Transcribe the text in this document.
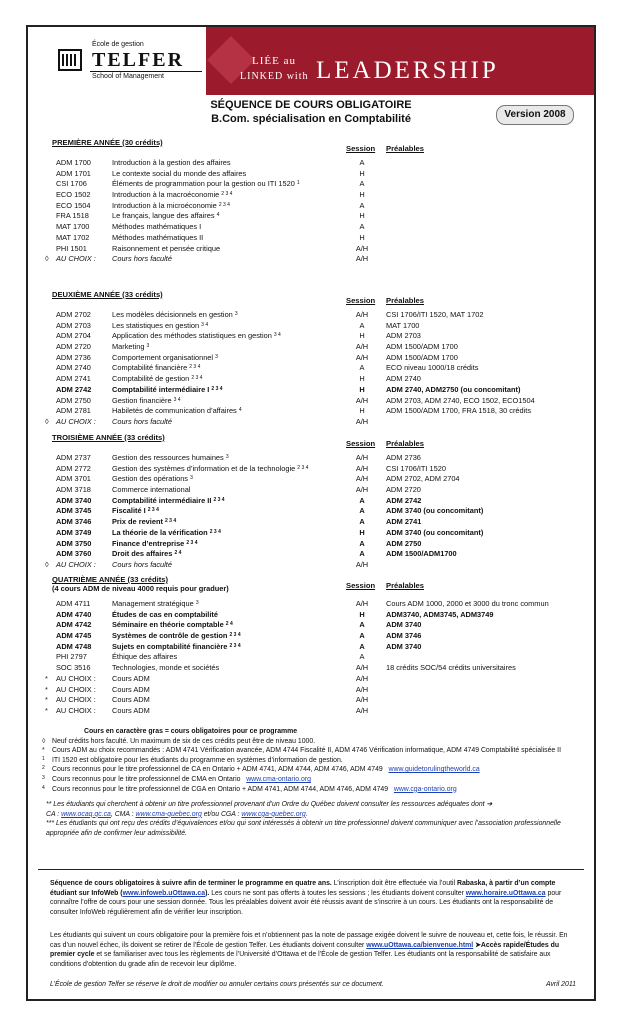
École de gestion
TELFER
School of Management
LIÉE au
LINKED with LEADERSHIP
SÉQUENCE DE COURS OBLIGATOIRE
B.Com. spécialisation en Comptabilité	Version 2008
PREMIÈRE ANNÉE (30 crédits)
Session Préalables
ADM 1700	Introduction à la gestion des affaires	A
ADM 1701	Le contexte social du monde des affaires	H
CSI 1706	Éléments de programmation pour la gestion ou ITI 1520 $^1$	A
ECO 1502	Introduction à la macroéconomie $^{2 3 4}$	H
ECO 1504	Introduction à la microéconomie $^{2 3 4}$	A
FRA 1518	Le français, langue des affaires $^4$	H
MAT 1700	Méthodes mathématiques I	A
MAT 1702	Méthodes mathématiques II	H
PHI 1501	Raisonnement et pensée critique	A/H
◊ AU CHOIX : Cours hors faculté	A/H
DEUXIÈME ANNÉE (33 crédits)
Session Préalables
ADM 2702	Les modèles décisionnels en gestion $^3$	A/H	CSI 1706/ITI 1520, MAT 1702
ADM 2703	Les statistiques en gestion $^{3 4}$	A	MAT 1700
ADM 2704	Application des méthodes statistiques en gestion $^{3 4}$	H	ADM 2703
ADM 2720	Marketing $^3$	A/H	ADM 1500/ADM 1700
ADM 2736	Comportement organisationnel $^3$	A/H	ADM 1500/ADM 1700
ADM 2740	Comptabilité financière $^{2 3 4}$	A	ECO niveau 1000/18 crédits
ADM 2741	Comptabilité de gestion $^{2 3 4}$	H	ADM 2740
ADM 2742	Comptabilité intermédiaire I $^{2 3 4}$	H	ADM 2740, ADM2750 (ou concomitant)
ADM 2750	Gestion financière $^{3 4}$	A/H	ADM 2703, ADM 2740, ECO 1502, ECO1504
ADM 2781	Habiletés de communication d’affaires $^4$	H	ADM 1500/ADM 1700, FRA 1518, 30 crédits
◊ AU CHOIX : Cours hors faculté	A/H
TROISIÈME ANNÉE (33 crédits)
Session Préalables
ADM 2737	Gestion des ressources humaines $^3$	A/H	ADM 2736
ADM 2772	Gestion des systèmes d’information et de la technologie $^{2 3 4}$	A/H	CSI 1706/ITI 1520
ADM 3701	Gestion des opérations $^3$	A/H	ADM 2702, ADM 2704
ADM 3718	Commerce international	A/H	ADM 2720
ADM 3740	Comptabilité intermédiaire II $^{2 3 4}$	A	ADM 2742
ADM 3745	Fiscalité I $^{2 3 4}$	A	ADM 3740 (ou concomitant)
ADM 3746	Prix de revient $^{2 3 4}$	A	ADM 2741
ADM 3749	La théorie de la vérification $^{2 3 4}$	H	ADM 3740 (ou concomitant)
ADM 3750	Finance d’entreprise $^{2 3 4}$	A	ADM 2750
ADM 3760	Droit des affaires $^{2 4}$	A	ADM 1500/ADM1700
◊ AU CHOIX : Cours hors faculté	A/H
QUATRIÈME ANNÉE (33 crédits)
(4 cours ADM de niveau 4000 requis pour graduer)	Session Préalables
ADM 4711	Management stratégique $^3$	A/H	Cours ADM 1000, 2000 et 3000 du tronc commun
ADM 4740	Études de cas en comptabilité	H	ADM3740, ADM3745, ADM3749
ADM 4742	Séminaire en théorie comptable $^{2 4}$	A	ADM 3740
ADM 4745	Systèmes de contrôle de gestion $^{2 3 4}$	A	ADM 3746
ADM 4748	Sujets en comptabilité financière $^{2 3 4}$	A	ADM 3740
PHI 2797	Éthique des affaires	A
SOC 3516	Technologies, monde et sociétés	A/H	18 crédits SOC/54 crédits universitaires
* AU CHOIX : Cours ADM	A/H
* AU CHOIX : Cours ADM	A/H
* AU CHOIX : Cours ADM	A/H
* AU CHOIX : Cours ADM	A/H
Cours en caractère gras = cours obligatoires pour ce programme
◊ Neuf crédits hors faculté. Un maximum de six de ces crédits peut être de niveau 1000.
* Cours ADM au choix recommandés : ADM 4741 Vérification avancée, ADM 4744 Fiscalité II, ADM 4746 Vérification informatique, ADM 4749 Comptabilité spécialisée II
$^1$ ITI 1520 est obligatoire pour les étudiants du programme en systèmes d’information de gestion.
$^2$ Cours reconnus pour le titre professionnel de CA en Ontario + ADM 4741, ADM 4744, ADM 4746, ADM 4749 www.guidetorulingtheworld.ca
$^3$ Cours reconnus pour le titre professionnel de CMA en Ontario www.cma-ontario.org
$^4$ Cours reconnus pour le titre professionnel de CGA en Ontario + ADM 4741, ADM 4744, ADM 4746, ADM 4749 www.cga-ontario.org
** Les étudiants qui cherchent à obtenir un titre professionnel provenant d’un Ordre du Québec doivent consulter les ressources adéquates dont ➔
CA : www.ocaq.qc.ca, CMA : www.cma-quebec.org et/ou CGA : www.cga-quebec.org.
*** Les étudiants qui ont reçu des crédits d’équivalences et/ou qui sont intéressés à obtenir un titre professionnel doivent communiquer avec l’association professionnelle appropriée afin de confirmer leur admissibilité.
Séquence de cours obligatoires à suivre afin de terminer le programme en quatre ans. L’inscription doit être effectuée via l’outil Rabaska, à partir d’un compte étudiant sur InfoWeb (www.infoweb.uOttawa.ca). Les cours ne sont pas offerts à toutes les sessions ; les étudiants doivent consulter www.horaire.uOttawa.ca pour connaître l’offre de cours pour une session donnée. Tous les préalables doivent avoir été réussis avant de s’inscrire à un cours. Les étudiants ont la responsabilité de consulter InfoWeb régulièrement afin de vérifier leur inscription.
Les étudiants qui suivent un cours obligatoire pour la première fois et n’obtiennent pas la note de passage exigée doivent le suivre de nouveau et, cette fois, le réussir. En cas d’un nouvel échec, ils doivent se retirer de l’École de gestion Telfer. Les étudiants doivent consulter www.uOttawa.ca/bienvenue.html ➤Accès rapide/Études du premier cycle et se familiariser avec tous les règlements de l’Université d’Ottawa et de l’École de gestion Telfer. Les étudiants ont la responsabilité de satisfaire aux conditions d’obtention du grade afin de recevoir leur diplôme.
L’École de gestion Telfer se réserve le droit de modifier ou annuler certains cours présentés sur ce document.	Avril 2011
